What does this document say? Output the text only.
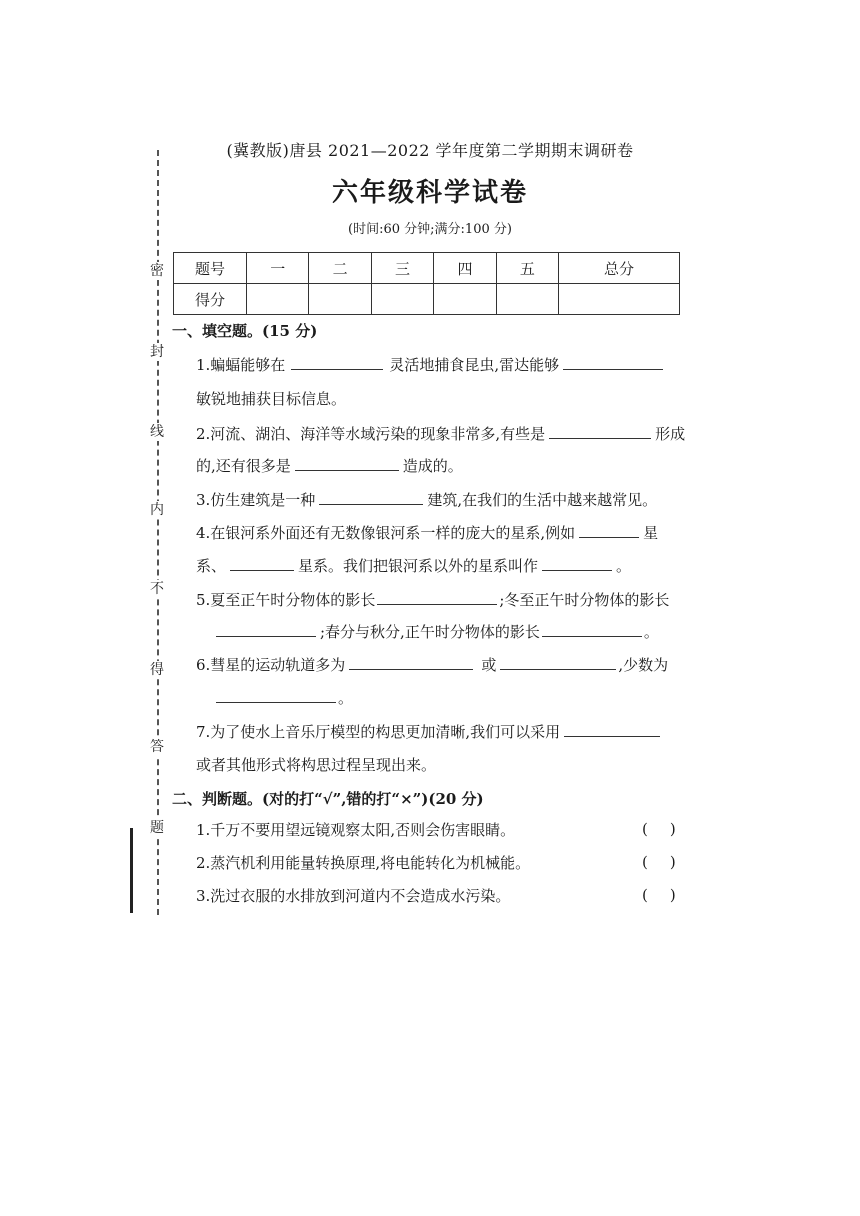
密
封
线
内
不
得
答
题
(冀教版)唐县 2021—2022 学年度第二学期期末调研卷
六年级科学试卷
(时间:60 分钟;满分:100 分)
题号	一	二	三	四	五	总分
得分						
一、填空题。(15 分)
1.蝙蝠能够在	灵活地捕食昆虫,雷达能够
敏锐地捕获目标信息。
2.河流、湖泊、海洋等水域污染的现象非常多,有些是	形成
的,还有很多是	造成的。
3.仿生建筑是一种	建筑,在我们的生活中越来越常见。
4.在银河系外面还有无数像银河系一样的庞大的星系,例如	星
系、	星系。我们把银河系以外的星系叫作	。
5.夏至正午时分物体的影长	;冬至正午时分物体的影长
;春分与秋分,正午时分物体的影长	。
6.彗星的运动轨道多为	或	,少数为
。
7.为了使水上音乐厅模型的构思更加清晰,我们可以采用
或者其他形式将构思过程呈现出来。
二、判断题。(对的打“√”,错的打“×”)(20 分)
1.千万不要用望远镜观察太阳,否则会伤害眼睛。	()
2.蒸汽机利用能量转换原理,将电能转化为机械能。	()
3.洗过衣服的水排放到河道内不会造成水污染。	()
